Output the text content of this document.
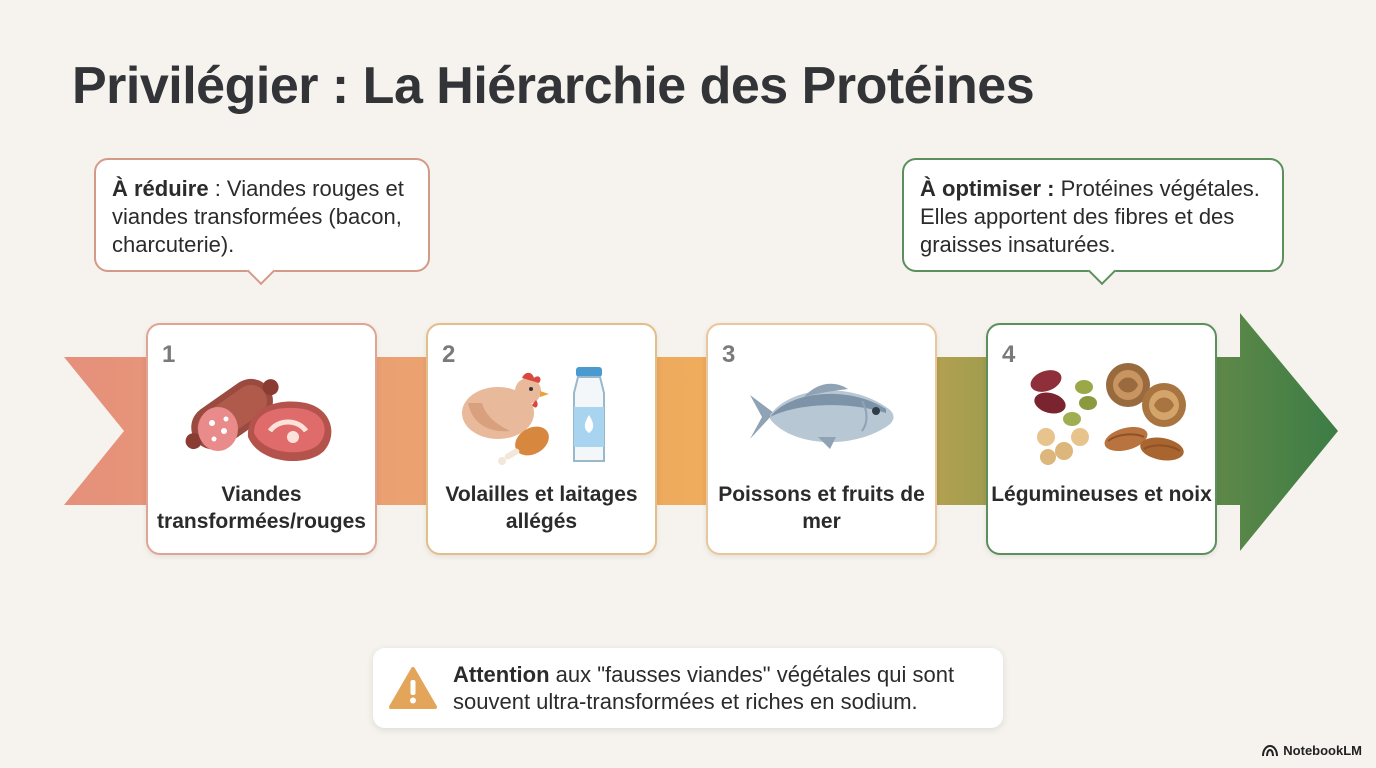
Privilégier : La Hiérarchie des Protéines
À réduire : Viandes rouges et viandes transformées (bacon, charcuterie).
À optimiser : Protéines végétales. Elles apportent des fibres et des graisses insaturées.
1
Viandes transformées/rouges
2
Volailles et laitages allégés
3
Poissons et fruits de mer
4
Légumineuses et noix
Attention aux "fausses viandes" végétales qui sont souvent ultra-transformées et riches en sodium.
NotebookLM
